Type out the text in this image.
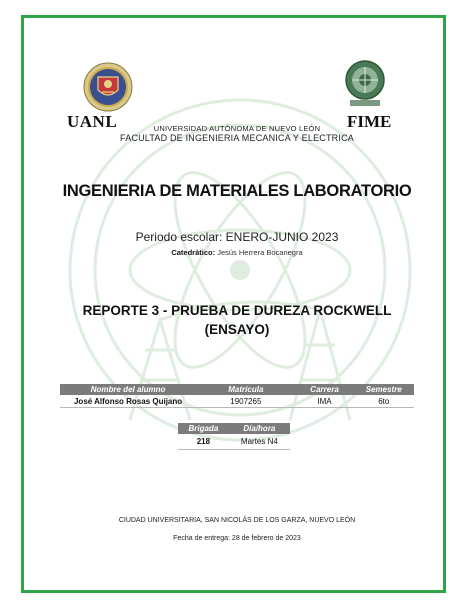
UANL	FIME
UNIVERSIDAD AUTÓNOMA DE NUEVO LEÓN
FACULTAD DE INGENIERIA MECANICA Y ELECTRICA
INGENIERIA DE MATERIALES LABORATORIO
Periodo escolar: ENERO-JUNIO 2023
Catedrático: Jesús Herrera Bocanegra
REPORTE 3 - PRUEBA DE DUREZA ROCKWELL
(ENSAYO)
Nombre del alumno	Matrícula	Carrera	Semestre
José Alfonso Rosas Quijano	1907265	IMA	6to
Brigada	Día/hora
218	Martes N4
CIUDAD UNIVERSITARIA, SAN NICOLÁS DE LOS GARZA, NUEVO LEÓN
Fecha de entrega: 28 de febrero de 2023
